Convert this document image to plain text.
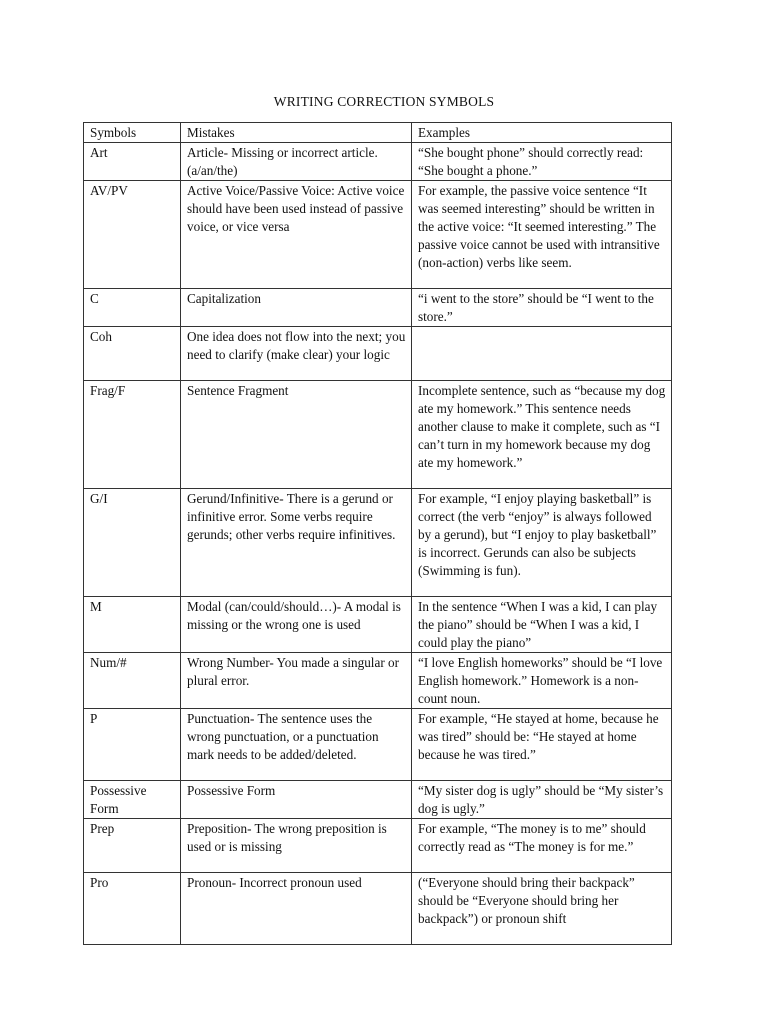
WRITING CORRECTION SYMBOLS
Symbols	Mistakes	Examples
Art	Article- Missing or incorrect article. (a/an/the)	“She bought phone” should correctly read: “She bought a phone.”
AV/PV	Active Voice/Passive Voice: Active voice should have been used instead of passive voice, or vice versa	For example, the passive voice sentence “It was seemed interesting” should be written in the active voice: “It seemed interesting.” The passive voice cannot be used with intransitive (non-action) verbs like seem.
C	Capitalization	“i went to the store” should be “I went to the store.”
Coh	One idea does not flow into the next; you need to clarify (make clear) your logic	
Frag/F	Sentence Fragment	Incomplete sentence, such as “because my dog ate my homework.” This sentence needs another clause to make it complete, such as “I can’t turn in my homework because my dog ate my homework.”
G/I	Gerund/Infinitive- There is a gerund or infinitive error. Some verbs require gerunds; other verbs require infinitives.	For example, “I enjoy playing basketball” is correct (the verb “enjoy” is always followed by a gerund), but “I enjoy to play basketball” is incorrect. Gerunds can also be subjects (Swimming is fun).
M	Modal (can/could/should…)- A modal is missing or the wrong one is used	In the sentence “When I was a kid, I can play the piano” should be “When I was a kid, I could play the piano”
Num/#	Wrong Number- You made a singular or plural error.	“I love English homeworks” should be “I love English homework.” Homework is a non-count noun.
P	Punctuation- The sentence uses the wrong punctuation, or a punctuation mark needs to be added/deleted.	For example, “He stayed at home, because he was tired” should be: “He stayed at home because he was tired.”
Possessive Form	Possessive Form	“My sister dog is ugly” should be “My sister’s dog is ugly.”
Prep	Preposition- The wrong preposition is used or is missing	For example, “The money is to me” should correctly read as “The money is for me.”
Pro	Pronoun- Incorrect pronoun used	(“Everyone should bring their backpack” should be “Everyone should bring her backpack”) or pronoun shift
